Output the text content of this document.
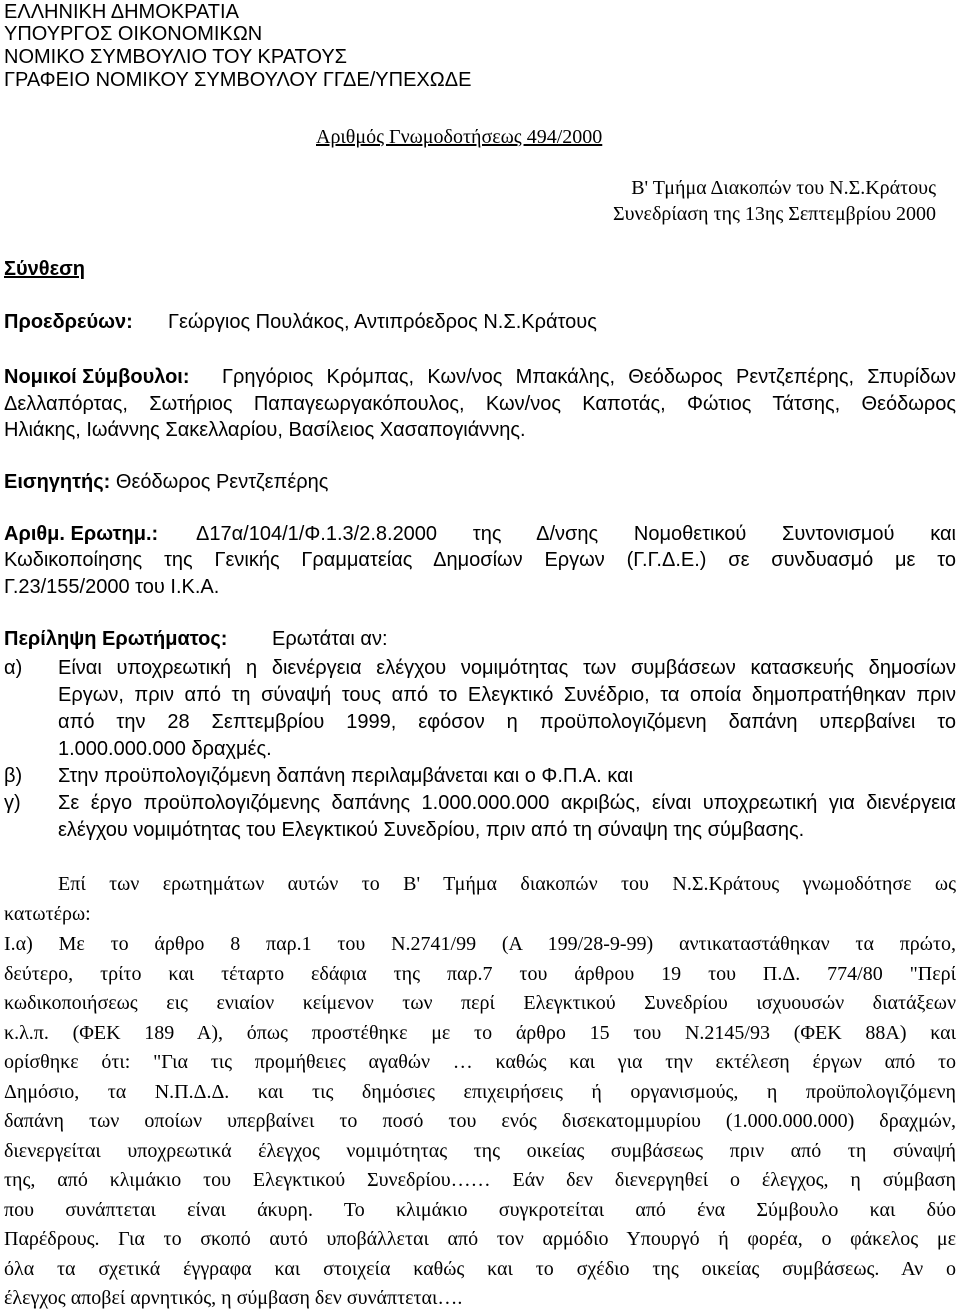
ΕΛΛΗΝΙΚΗ ΔΗΜΟΚΡΑΤΙΑ
ΥΠΟΥΡΓΟΣ ΟΙΚΟΝΟΜΙΚΩΝ
ΝΟΜΙΚΟ ΣΥΜΒΟΥΛΙΟ ΤΟΥ ΚΡΑΤΟΥΣ
ΓΡΑΦΕΙΟ ΝΟΜΙΚΟΥ ΣΥΜΒΟΥΛΟΥ ΓΓΔΕ/ΥΠΕΧΩΔΕ
Αριθμός Γνωμοδοτήσεως 494/2000
Β' Τμήμα Διακοπών του Ν.Σ.Κράτους
Συνεδρίαση της 13ης Σεπτεμβρίου 2000
Σύνθεση
Προεδρεύων: Γεώργιος Πουλάκος, Αντιπρόεδρος Ν.Σ.Κράτους
Νομικοί Σύμβουλοι: Γρηγόριος Κρόμπας, Κων/νος Μπακάλης, Θεόδωρος Ρεντζεπέρης, Σπυρίδων
Δελλαπόρτας, Σωτήριος Παπαγεωργακόπουλος, Κων/νος Καποτάς, Φώτιος Τάτσης, Θεόδωρος
Ηλιάκης, Ιωάννης Σακελλαρίου, Βασίλειος Χασαπογιάννης.
Εισηγητής: Θεόδωρος Ρεντζεπέρης
Αριθμ. Ερωτημ.: Δ17α/104/1/Φ.1.3/2.8.2000 της Δ/νσης Νομοθετικού Συντονισμού και
Κωδικοποίησης της Γενικής Γραμματείας Δημοσίων Εργων (Γ.Γ.Δ.Ε.) σε συνδυασμό με το
Γ.23/155/2000 του Ι.Κ.Α.
Περίληψη Ερωτήματος: Ερωτάται αν:
α) Είναι υποχρεωτική η διενέργεια ελέγχου νομιμότητας των συμβάσεων κατασκευής δημοσίων
Εργων, πριν από τη σύναψή τους από το Ελεγκτικό Συνέδριο, τα οποία δημοπρατήθηκαν πριν
από την 28 Σεπτεμβρίου 1999, εφόσον η προϋπολογιζόμενη δαπάνη υπερβαίνει το
1.000.000.000 δραχμές.
β) Στην προϋπολογιζόμενη δαπάνη περιλαμβάνεται και ο Φ.Π.Α. και
γ) Σε έργο προϋπολογιζόμενης δαπάνης 1.000.000.000 ακριβώς, είναι υποχρεωτική για διενέργεια
ελέγχου νομιμότητας του Ελεγκτικού Συνεδρίου, πριν από τη σύναψη της σύμβασης.
Επί των ερωτημάτων αυτών το Β' Τμήμα διακοπών του Ν.Σ.Κράτους γνωμοδότησε ως
κατωτέρω:
Ι.α) Με το άρθρο 8 παρ.1 του Ν.2741/99 (Α 199/28-9-99) αντικαταστάθηκαν τα πρώτο,
δεύτερο, τρίτο και τέταρτο εδάφια της παρ.7 του άρθρου 19 του Π.Δ. 774/80 "Περί
κωδικοποιήσεως εις ενιαίον κείμενον των περί Ελεγκτικού Συνεδρίου ισχυουσών διατάξεων
κ.λ.π. (ΦΕΚ 189 Α), όπως προστέθηκε με το άρθρο 15 του Ν.2145/93 (ΦΕΚ 88Α) και
ορίσθηκε ότι: "Για τις προμήθειες αγαθών … καθώς και για την εκτέλεση έργων από το
Δημόσιο, τα Ν.Π.Δ.Δ. και τις δημόσιες επιχειρήσεις ή οργανισμούς, η προϋπολογιζόμενη
δαπάνη των οποίων υπερβαίνει το ποσό του ενός δισεκατομμυρίου (1.000.000.000) δραχμών,
διενεργείται υποχρεωτικά έλεγχος νομιμότητας της οικείας συμβάσεως πριν από τη σύναψή
της, από κλιμάκιο του Ελεγκτικού Συνεδρίου…… Εάν δεν διενεργηθεί ο έλεγχος, η σύμβαση
που συνάπτεται είναι άκυρη. Το κλιμάκιο συγκροτείται από ένα Σύμβουλο και δύο
Παρέδρους. Για το σκοπό αυτό υποβάλλεται από τον αρμόδιο Υπουργό ή φορέα, ο φάκελος με
όλα τα σχετικά έγγραφα και στοιχεία καθώς και το σχέδιο της οικείας συμβάσεως. Αν ο
έλεγχος αποβεί αρνητικός, η σύμβαση δεν συνάπτεται….
